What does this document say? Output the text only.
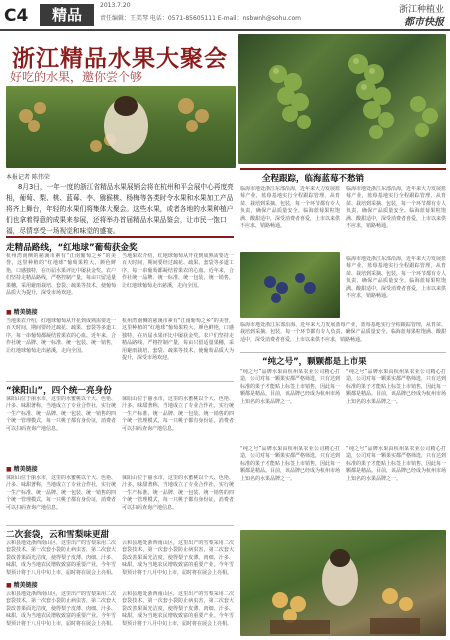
C4	精品
2013.7.20
责任编辑：王美琴 电话：0571-85605111 E-mail：nsbwnh@sohu.com
浙江种植业
都市快报
浙江精品水果大聚会
好吃的水果，邀你尝个够
本报记者 陈伟荣
8月3日，一年一度的浙江省精品水果展销会将在杭州和平会展中心再度亮相，葡萄、梨、桃、蓝莓、李、猕猴桃、杨梅等各类时令水果和水果加工产品将齐上舞台，年轻的水果们将集体大聚会。这些水果，或者各地的水果种植户们也拿着得意的成果来参展，还将举办首届精品水果品鉴会，让市民一饱口福，尽情享受一场视觉和味觉的盛宴。
走精品路线，“红地球”葡萄获金奖
杭州湾南侧的慈溪市素有“江南葡萄之乡”的美誉，这里种植的“红地球”葡萄果粒大、颜色鲜艳，口感独特，在历届水果评比中屡获金奖。农户们坚持走精品路线，严格控制产量，每亩只留适量果穗，采用避雨栽培、套袋、疏果等技术，使葡萄品质大为提升，深受市场欢迎。
当地果农介绍，红地球葡萄从开花到成熟需要近一百天时间，期间要经过疏花、疏果、套袋等多道工序，每一串葡萄都凝结着果农的心血。近年来，合作社统一品牌、统一标准、统一包装、统一销售，让红地球葡萄走出慈溪，走向全国。
■ 精美链接
当地果农介绍，红地球葡萄从开花到成熟需要近一百天时间，期间要经过疏花、疏果、套袋等多道工序，每一串葡萄都凝结着果农的心血。近年来，合作社统一品牌、统一标准、统一包装、统一销售，让红地球葡萄走出慈溪，走向全国。
杭州湾南侧的慈溪市素有“江南葡萄之乡”的美誉，这里种植的“红地球”葡萄果粒大、颜色鲜艳，口感独特，在历届水果评比中屡获金奖。农户们坚持走精品路线，严格控制产量，每亩只留适量果穗，采用避雨栽培、套袋、疏果等技术，使葡萄品质大为提升，深受市场欢迎。
“徕阳山”，四个统一亮身份
徕阳山位于丽水市，这里的水蜜桃以个大、色艳、汁多、味甜著称，当地成立了专业合作社，实行统一生产标准、统一品牌、统一包装、统一销售的四个统一管理模式，每一只桃子都有身份证，消费者可以扫码查询产地信息。
徕阳山位于丽水市，这里的水蜜桃以个大、色艳、汁多、味甜著称，当地成立了专业合作社，实行统一生产标准、统一品牌、统一包装、统一销售的四个统一管理模式，每一只桃子都有身份证，消费者可以扫码查询产地信息。
■ 精美链接
徕阳山位于丽水市，这里的水蜜桃以个大、色艳、汁多、味甜著称，当地成立了专业合作社，实行统一生产标准、统一品牌、统一包装、统一销售的四个统一管理模式，每一只桃子都有身份证，消费者可以扫码查询产地信息。
徕阳山位于丽水市，这里的水蜜桃以个大、色艳、汁多、味甜著称，当地成立了专业合作社，实行统一生产标准、统一品牌、统一包装、统一销售的四个统一管理模式，每一只桃子都有身份证，消费者可以扫码查询产地信息。
二次套袋，云和雪梨味更甜
云和县地处浙西南山区，这里出产的雪梨采用二次套袋技术，第一次套小袋防止病虫害，第二次套大袋改善果面光洁度，使得梨子皮薄、肉细、汁多、味甜，成为当地农民增收致富的重要产业。今年雪梨预计将于八月中旬上市，届时将在展会上亮相。
云和县地处浙西南山区，这里出产的雪梨采用二次套袋技术，第一次套小袋防止病虫害，第二次套大袋改善果面光洁度，使得梨子皮薄、肉细、汁多、味甜，成为当地农民增收致富的重要产业。今年雪梨预计将于八月中旬上市，届时将在展会上亮相。
■ 精美链接
云和县地处浙西南山区，这里出产的雪梨采用二次套袋技术，第一次套小袋防止病虫害，第二次套大袋改善果面光洁度，使得梨子皮薄、肉细、汁多、味甜，成为当地农民增收致富的重要产业。今年雪梨预计将于八月中旬上市，届时将在展会上亮相。
云和县地处浙西南山区，这里出产的雪梨采用二次套袋技术，第一次套小袋防止病虫害，第二次套大袋改善果面光洁度，使得梨子皮薄、肉细、汁多、味甜，成为当地农民增收致富的重要产业。今年雪梨预计将于八月中旬上市，届时将在展会上亮相。
全程跟踪，临海蓝莓不愁销
临海市地处浙江东部沿海，近年来大力发展蓝莓产业，蓝莓基地实行全程跟踪管理，从育苗、栽培到采摘、包装，每一个环节都有专人负责，确保产品质量安全。临海蓝莓果粒饱满、酸甜适中，深受消费者喜爱，上市以来供不应求，销路畅通。
临海市地处浙江东部沿海，近年来大力发展蓝莓产业，蓝莓基地实行全程跟踪管理，从育苗、栽培到采摘、包装，每一个环节都有专人负责，确保产品质量安全。临海蓝莓果粒饱满、酸甜适中，深受消费者喜爱，上市以来供不应求，销路畅通。
临海市地处浙江东部沿海，近年来大力发展蓝莓产业，蓝莓基地实行全程跟踪管理，从育苗、栽培到采摘、包装，每一个环节都有专人负责，确保产品质量安全。临海蓝莓果粒饱满、酸甜适中，深受消费者喜爱，上市以来供不应求，销路畅通。
临海市地处浙江东部沿海，近年来大力发展蓝莓产业，蓝莓基地实行全程跟踪管理，从育苗、栽培到采摘、包装，每一个环节都有专人负责，确保产品质量安全。临海蓝莓果粒饱满、酸甜适中，深受消费者喜爱，上市以来供不应求，销路畅通。
“纯之号”，颗颗都是上市果
“纯之号”品牌水果由杭州某农业公司精心打造，公司对每一颗果实都严格筛选，只有达到标准的果子才能贴上标签上市销售，因此每一颗都是精品。目前，该品牌已经成为杭州市场上知名的水果品牌之一。
“纯之号”品牌水果由杭州某农业公司精心打造，公司对每一颗果实都严格筛选，只有达到标准的果子才能贴上标签上市销售，因此每一颗都是精品。目前，该品牌已经成为杭州市场上知名的水果品牌之一。
“纯之号”品牌水果由杭州某农业公司精心打造，公司对每一颗果实都严格筛选，只有达到标准的果子才能贴上标签上市销售，因此每一颗都是精品。目前，该品牌已经成为杭州市场上知名的水果品牌之一。
“纯之号”品牌水果由杭州某农业公司精心打造，公司对每一颗果实都严格筛选，只有达到标准的果子才能贴上标签上市销售，因此每一颗都是精品。目前，该品牌已经成为杭州市场上知名的水果品牌之一。
